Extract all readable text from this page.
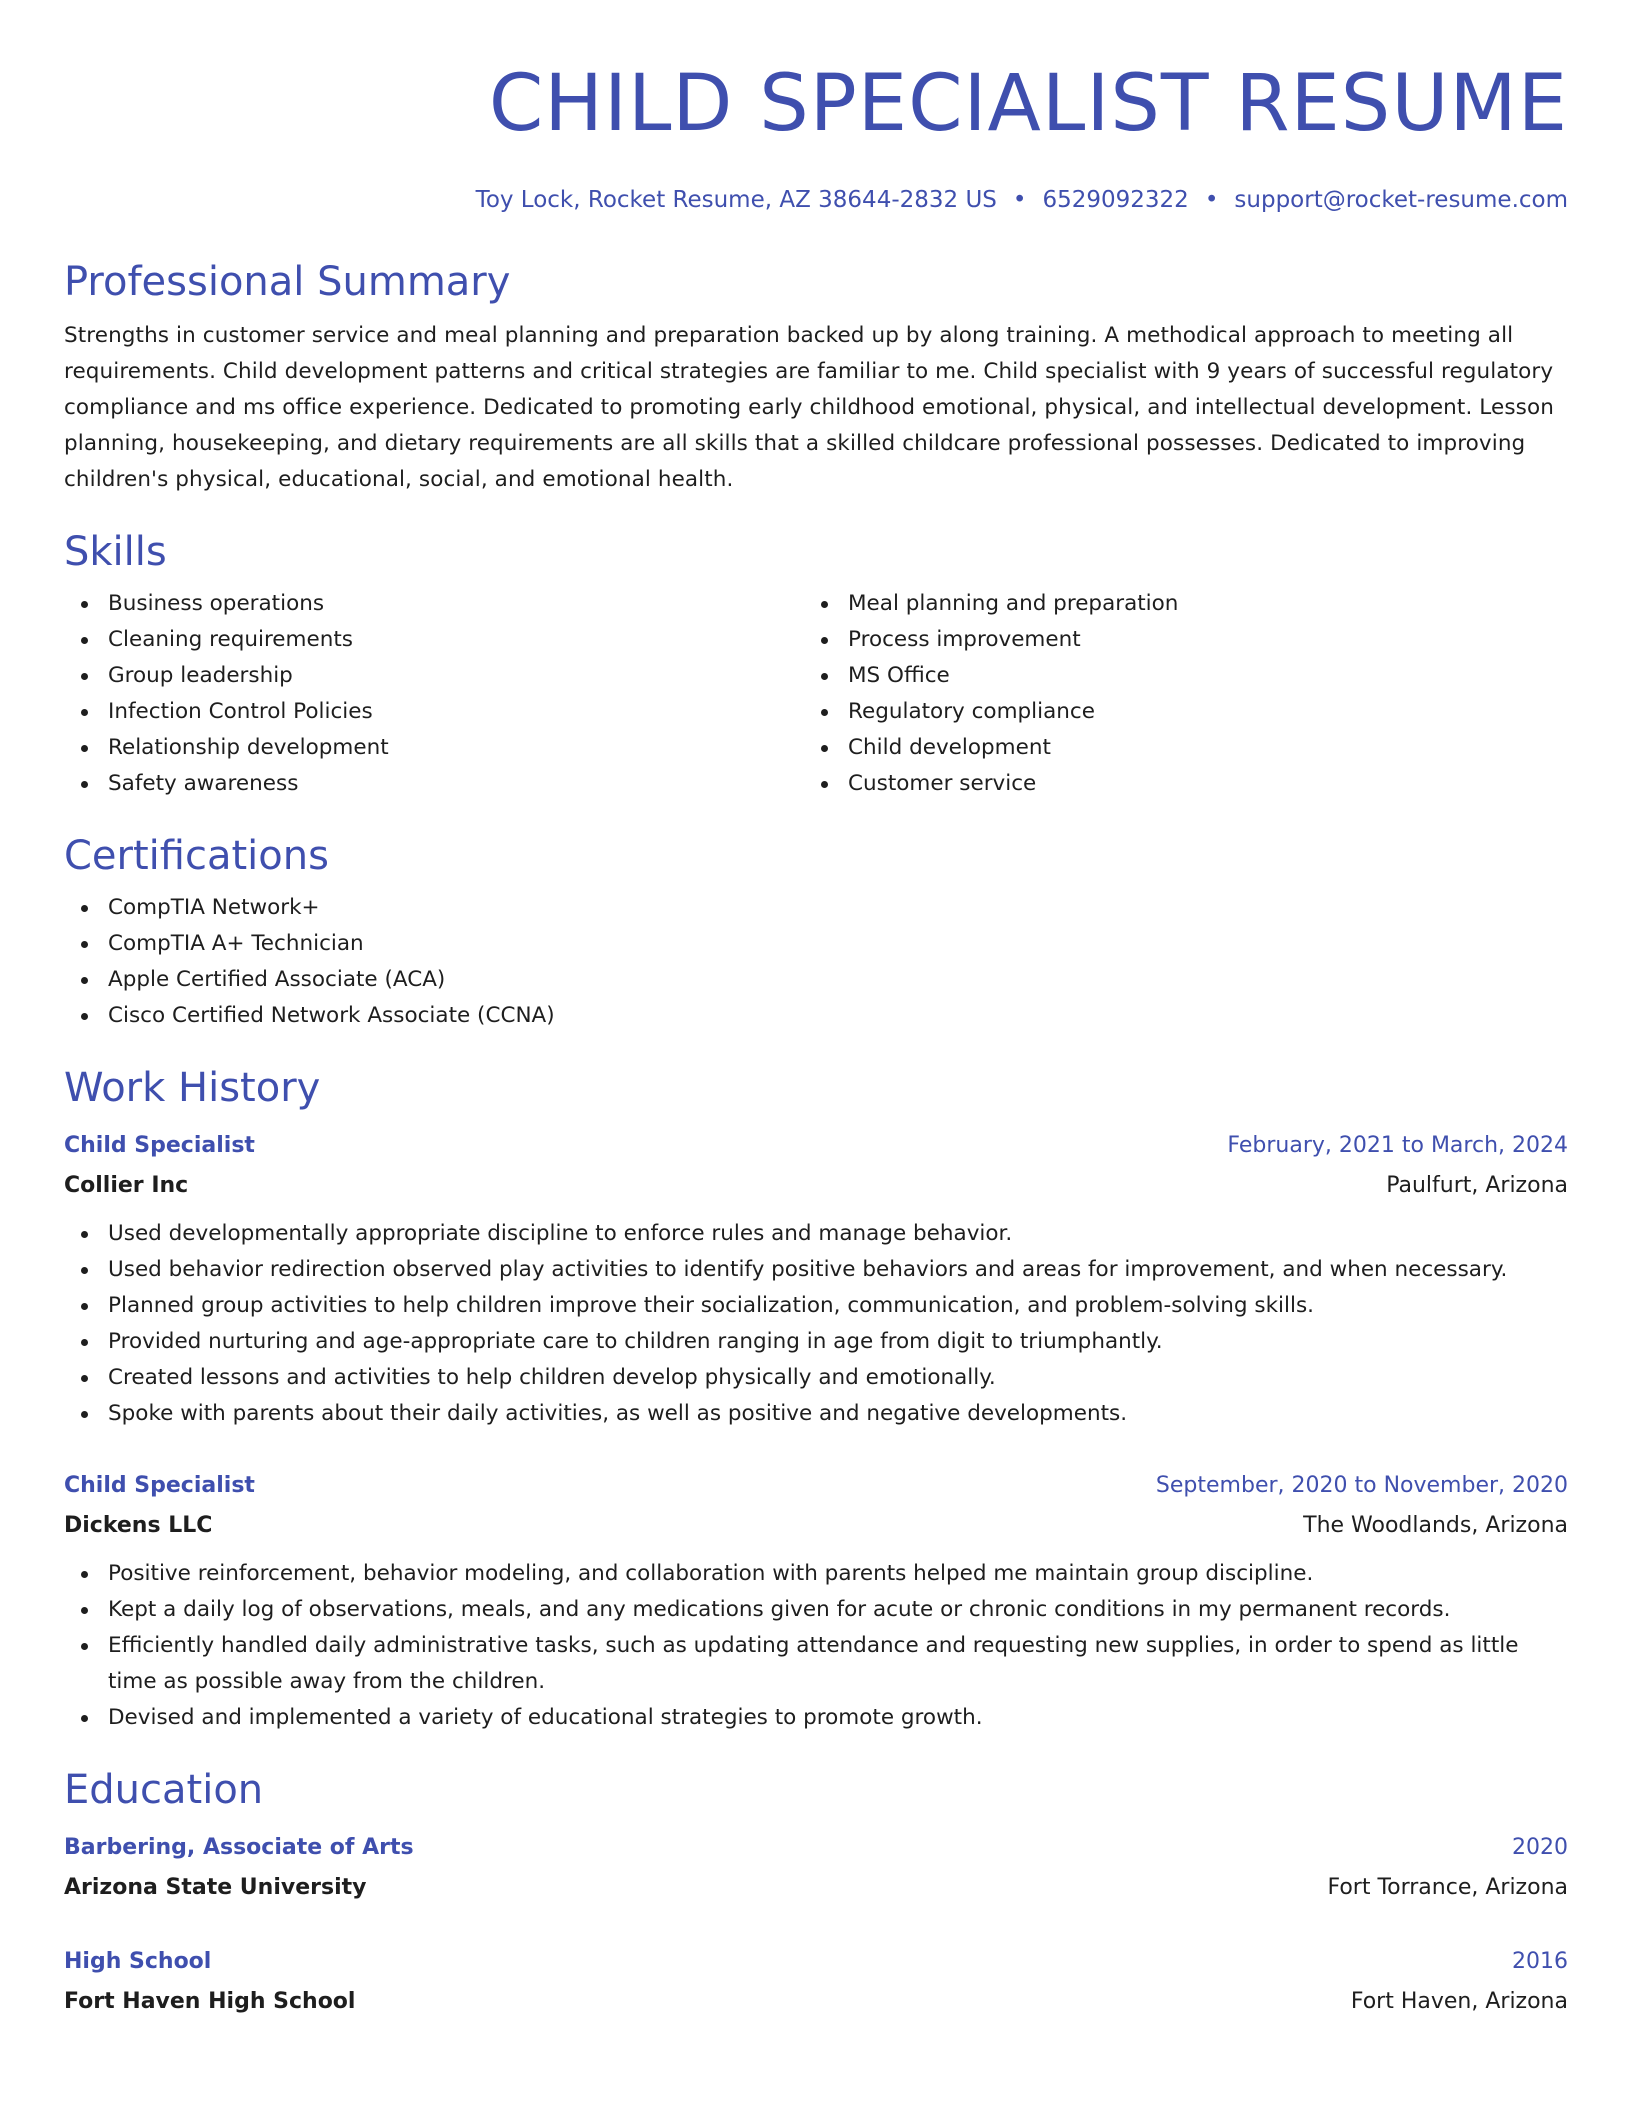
CHILD SPECIALIST RESUME
Toy Lock, Rocket Resume, AZ 38644-2832 US • 6529092322 • support@rocket-resume.com
Professional Summary

Strengths in customer service and meal planning and preparation backed up by along training. A methodical approach to meeting all requirements. Child development patterns and critical strategies are familiar to me. Child specialist with 9 years of successful regulatory compliance and ms office experience. Dedicated to promoting early childhood emotional, physical, and intellectual development. Lesson planning, housekeeping, and dietary requirements are all skills that a skilled childcare professional possesses. Dedicated to improving children's physical, educational, social, and emotional health.

Skills
Business operations
Cleaning requirements
Group leadership
Infection Control Policies
Relationship development
Safety awareness
Meal planning and preparation
Process improvement
MS Office
Regulatory compliance
Child development
Customer service
Certifications
CompTIA Network+
CompTIA A+ Technician
Apple Certified Associate (ACA)
Cisco Certified Network Associate (CCNA)
Work History
Child Specialist	February, 2021 to March, 2024
Collier Inc	Paulfurt, Arizona
Used developmentally appropriate discipline to enforce rules and manage behavior.
Used behavior redirection observed play activities to identify positive behaviors and areas for improvement, and when necessary.
Planned group activities to help children improve their socialization, communication, and problem-solving skills.
Provided nurturing and age-appropriate care to children ranging in age from digit to triumphantly.
Created lessons and activities to help children develop physically and emotionally.
Spoke with parents about their daily activities, as well as positive and negative developments.
Child Specialist	September, 2020 to November, 2020
Dickens LLC	The Woodlands, Arizona
Positive reinforcement, behavior modeling, and collaboration with parents helped me maintain group discipline.
Kept a daily log of observations, meals, and any medications given for acute or chronic conditions in my permanent records.
Efficiently handled daily administrative tasks, such as updating attendance and requesting new supplies, in order to spend as little time as possible away from the children.
Devised and implemented a variety of educational strategies to promote growth.
Education
Barbering, Associate of Arts	2020
Arizona State University	Fort Torrance, Arizona
High School	2016
Fort Haven High School	Fort Haven, Arizona
